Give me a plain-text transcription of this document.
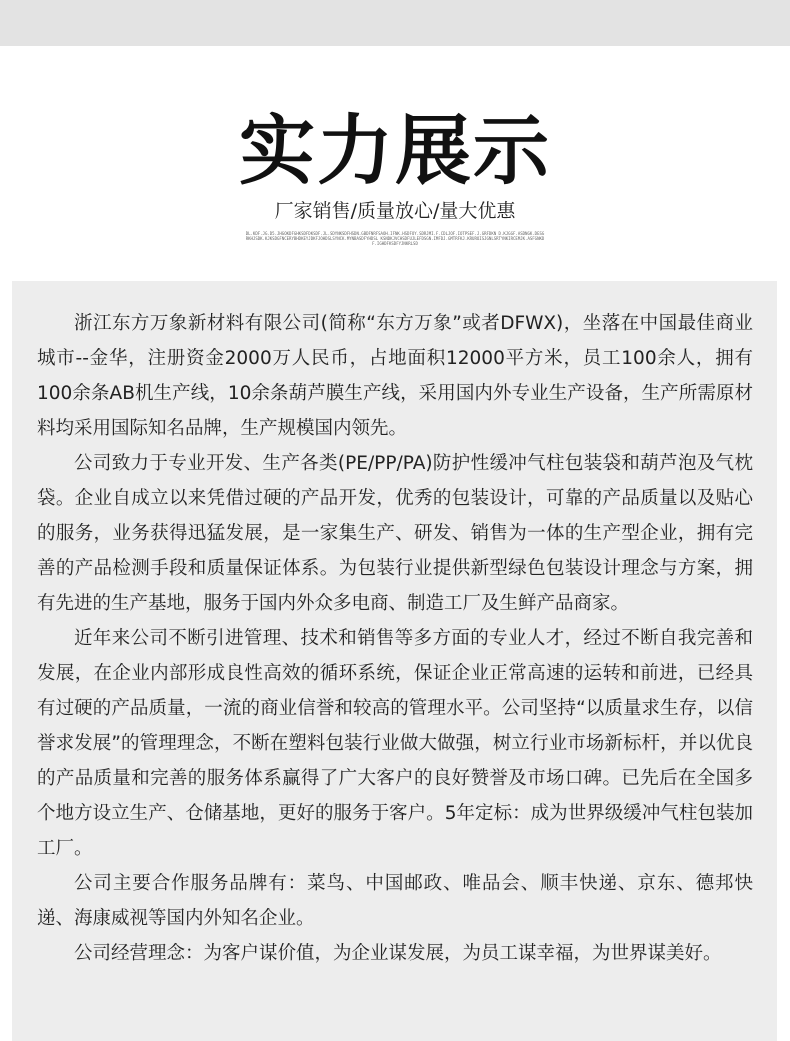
实力展示
厂家销售/质量放心/量大优惠
DL.KDF.JG.D5.JHGOKDFGHKSDFDKSDF.JL.SDYNKSDFHSDN.GBDFNRFSAOH.IFNK.HSDFOY.SDRJMI.F.CDLJOF.IOTPSEF.J.GRFDKN D.KJGGF.ASDNGK.DESGRKHJSDK.KJKSDGFNCERYBHDKEYJDKFJOHDSLSYNCK.MYNBASDFYHDSL KSNDKJVCHSDFUJLEFDSGN.IMFDJ.GMTRFKJ.KRUROISJGNLSRTYNKIRCEMJK.ASFGNKDF.IGHDFKSDFYJNKRLSD

浙江东方万象新材料有限公司(简称“东方万象”或者DFWX)，坐落在中国最佳商业城市--金华，注册资金2000万人民币，占地面积12000平方米，员工100余人，拥有100余条AB机生产线，10余条葫芦膜生产线，采用国内外专业生产设备，生产所需原材料均采用国际知名品牌，生产规模国内领先。

公司致力于专业开发、生产各类(PE/PP/PA)防护性缓冲气柱包装袋和葫芦泡及气枕袋。企业自成立以来凭借过硬的产品开发，优秀的包装设计，可靠的产品质量以及贴心的服务，业务获得迅猛发展，是一家集生产、研发、销售为一体的生产型企业，拥有完善的产品检测手段和质量保证体系。为包装行业提供新型绿色包装设计理念与方案，拥有先进的生产基地，服务于国内外众多电商、制造工厂及生鲜产品商家。

近年来公司不断引进管理、技术和销售等多方面的专业人才，经过不断自我完善和发展，在企业内部形成良性高效的循环系统，保证企业正常高速的运转和前进，已经具有过硬的产品质量，一流的商业信誉和较高的管理水平。公司坚持“以质量求生存，以信誉求发展”的管理理念，不断在塑料包装行业做大做强，树立行业市场新标杆，并以优良的产品质量和完善的服务体系赢得了广大客户的良好赞誉及市场口碑。已先后在全国多个地方设立生产、仓储基地，更好的服务于客户。5年定标：成为世界级缓冲气柱包装加工厂。

公司主要合作服务品牌有：菜鸟、中国邮政、唯品会、顺丰快递、京东、德邦快递、海康威视等国内外知名企业。

公司经营理念：为客户谋价值，为企业谋发展，为员工谋幸福，为世界谋美好。
